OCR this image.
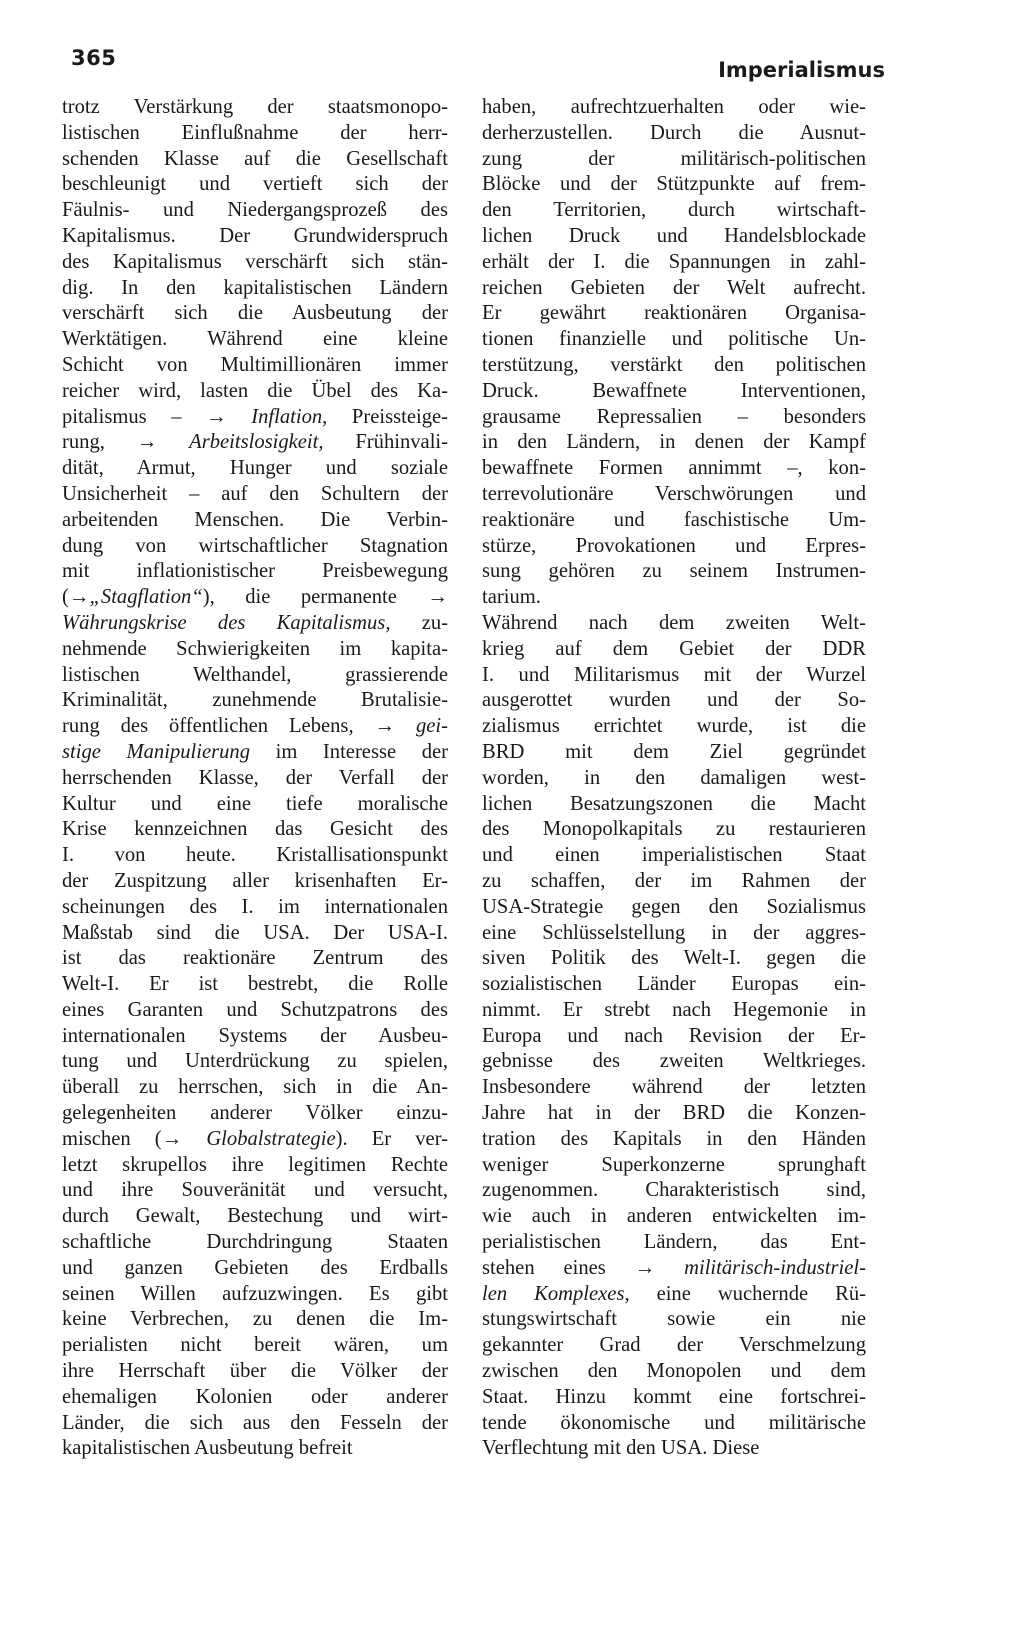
365	Imperialismus
trotz Verstärkung der staatsmonopo-
listischen Einflußnahme der herr-
schenden Klasse auf die Gesellschaft
beschleunigt und vertieft sich der
Fäulnis- und Niedergangsprozeß des
Kapitalismus. Der Grundwiderspruch
des Kapitalismus verschärft sich stän-
dig. In den kapitalistischen Ländern
verschärft sich die Ausbeutung der
Werktätigen. Während eine kleine
Schicht von Multimillionären immer
reicher wird, lasten die Übel des Ka-
pitalismus – → Inflation, Preissteige-
rung, → Arbeitslosigkeit, Frühinvali-
dität, Armut, Hunger und soziale
Unsicherheit – auf den Schultern der
arbeitenden Menschen. Die Verbin-
dung von wirtschaftlicher Stagnation
mit inflationistischer Preisbewegung
(→„Stagflation“), die permanente →
Währungskrise des Kapitalismus, zu-
nehmende Schwierigkeiten im kapita-
listischen Welthandel, grassierende
Kriminalität, zunehmende Brutalisie-
rung des öffentlichen Lebens, → gei-
stige Manipulierung im Interesse der
herrschenden Klasse, der Verfall der
Kultur und eine tiefe moralische
Krise kennzeichnen das Gesicht des
I. von heute. Kristallisationspunkt
der Zuspitzung aller krisenhaften Er-
scheinungen des I. im internationalen
Maßstab sind die USA. Der USA-I.
ist das reaktionäre Zentrum des
Welt-I. Er ist bestrebt, die Rolle
eines Garanten und Schutzpatrons des
internationalen Systems der Ausbeu-
tung und Unterdrückung zu spielen,
überall zu herrschen, sich in die An-
gelegenheiten anderer Völker einzu-
mischen (→ Globalstrategie). Er ver-
letzt skrupellos ihre legitimen Rechte
und ihre Souveränität und versucht,
durch Gewalt, Bestechung und wirt-
schaftliche Durchdringung Staaten
und ganzen Gebieten des Erdballs
seinen Willen aufzuzwingen. Es gibt
keine Verbrechen, zu denen die Im-
perialisten nicht bereit wären, um
ihre Herrschaft über die Völker der
ehemaligen Kolonien oder anderer
Länder, die sich aus den Fesseln der
kapitalistischen Ausbeutung befreit
haben, aufrechtzuerhalten oder wie-
derherzustellen. Durch die Ausnut-
zung der militärisch-politischen
Blöcke und der Stützpunkte auf frem-
den Territorien, durch wirtschaft-
lichen Druck und Handelsblockade
erhält der I. die Spannungen in zahl-
reichen Gebieten der Welt aufrecht.
Er gewährt reaktionären Organisa-
tionen finanzielle und politische Un-
terstützung, verstärkt den politischen
Druck. Bewaffnete Interventionen,
grausame Repressalien – besonders
in den Ländern, in denen der Kampf
bewaffnete Formen annimmt –, kon-
terrevolutionäre Verschwörungen und
reaktionäre und faschistische Um-
stürze, Provokationen und Erpres-
sung gehören zu seinem Instrumen-
tarium.
Während nach dem zweiten Welt-
krieg auf dem Gebiet der DDR
I. und Militarismus mit der Wurzel
ausgerottet wurden und der So-
zialismus errichtet wurde, ist die
BRD mit dem Ziel gegründet
worden, in den damaligen west-
lichen Besatzungszonen die Macht
des Monopolkapitals zu restaurieren
und einen imperialistischen Staat
zu schaffen, der im Rahmen der
USA-Strategie gegen den Sozialismus
eine Schlüsselstellung in der aggres-
siven Politik des Welt-I. gegen die
sozialistischen Länder Europas ein-
nimmt. Er strebt nach Hegemonie in
Europa und nach Revision der Er-
gebnisse des zweiten Weltkrieges.
Insbesondere während der letzten
Jahre hat in der BRD die Konzen-
tration des Kapitals in den Händen
weniger Superkonzerne sprunghaft
zugenommen. Charakteristisch sind,
wie auch in anderen entwickelten im-
perialistischen Ländern, das Ent-
stehen eines → militärisch-industriel-
len Komplexes, eine wuchernde Rü-
stungswirtschaft sowie ein nie
gekannter Grad der Verschmelzung
zwischen den Monopolen und dem
Staat. Hinzu kommt eine fortschrei-
tende ökonomische und militärische
Verflechtung mit den USA. Diese
